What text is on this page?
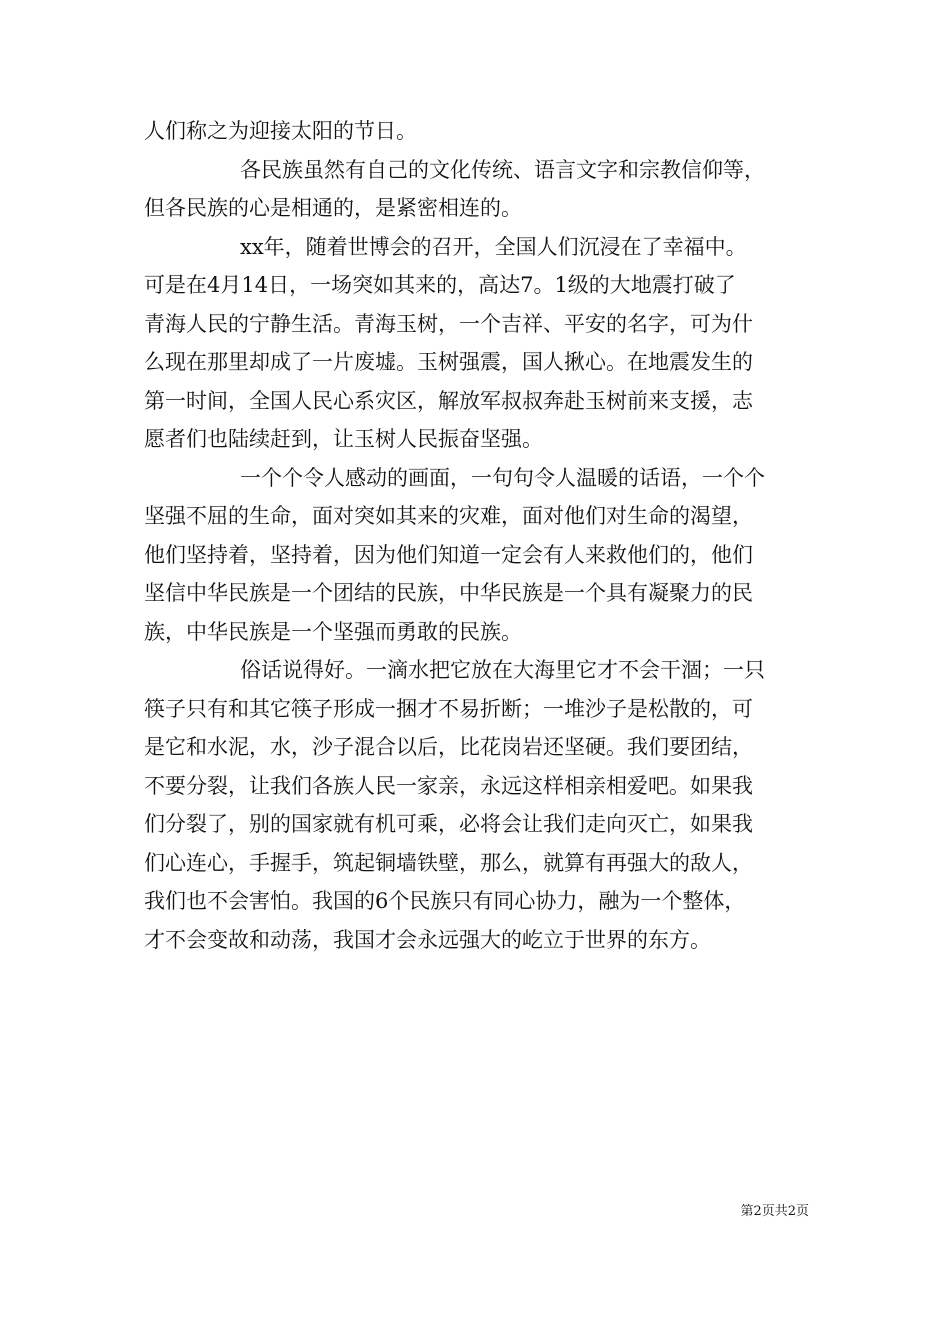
人们称之为迎接太阳的节日。
各民族虽然有自己的文化传统、语言文字和宗教信仰等，
但各民族的心是相通的，是紧密相连的。
xx年，随着世博会的召开，全国人们沉浸在了幸福中。
可是在4月14日，一场突如其来的，高达7。1级的大地震打破了
青海人民的宁静生活。青海玉树，一个吉祥、平安的名字，可为什
么现在那里却成了一片废墟。玉树强震，国人揪心。在地震发生的
第一时间，全国人民心系灾区，解放军叔叔奔赴玉树前来支援，志
愿者们也陆续赶到，让玉树人民振奋坚强。
一个个令人感动的画面，一句句令人温暖的话语，一个个
坚强不屈的生命，面对突如其来的灾难，面对他们对生命的渴望，
他们坚持着，坚持着，因为他们知道一定会有人来救他们的，他们
坚信中华民族是一个团结的民族，中华民族是一个具有凝聚力的民
族，中华民族是一个坚强而勇敢的民族。
俗话说得好。一滴水把它放在大海里它才不会干涸；一只
筷子只有和其它筷子形成一捆才不易折断；一堆沙子是松散的，可
是它和水泥，水，沙子混合以后，比花岗岩还坚硬。我们要团结，
不要分裂，让我们各族人民一家亲，永远这样相亲相爱吧。如果我
们分裂了，别的国家就有机可乘，必将会让我们走向灭亡，如果我
们心连心，手握手，筑起铜墙铁壁，那么，就算有再强大的敌人，
我们也不会害怕。我国的6个民族只有同心协力，融为一个整体，
才不会变故和动荡，我国才会永远强大的屹立于世界的东方。
第2页共2页
